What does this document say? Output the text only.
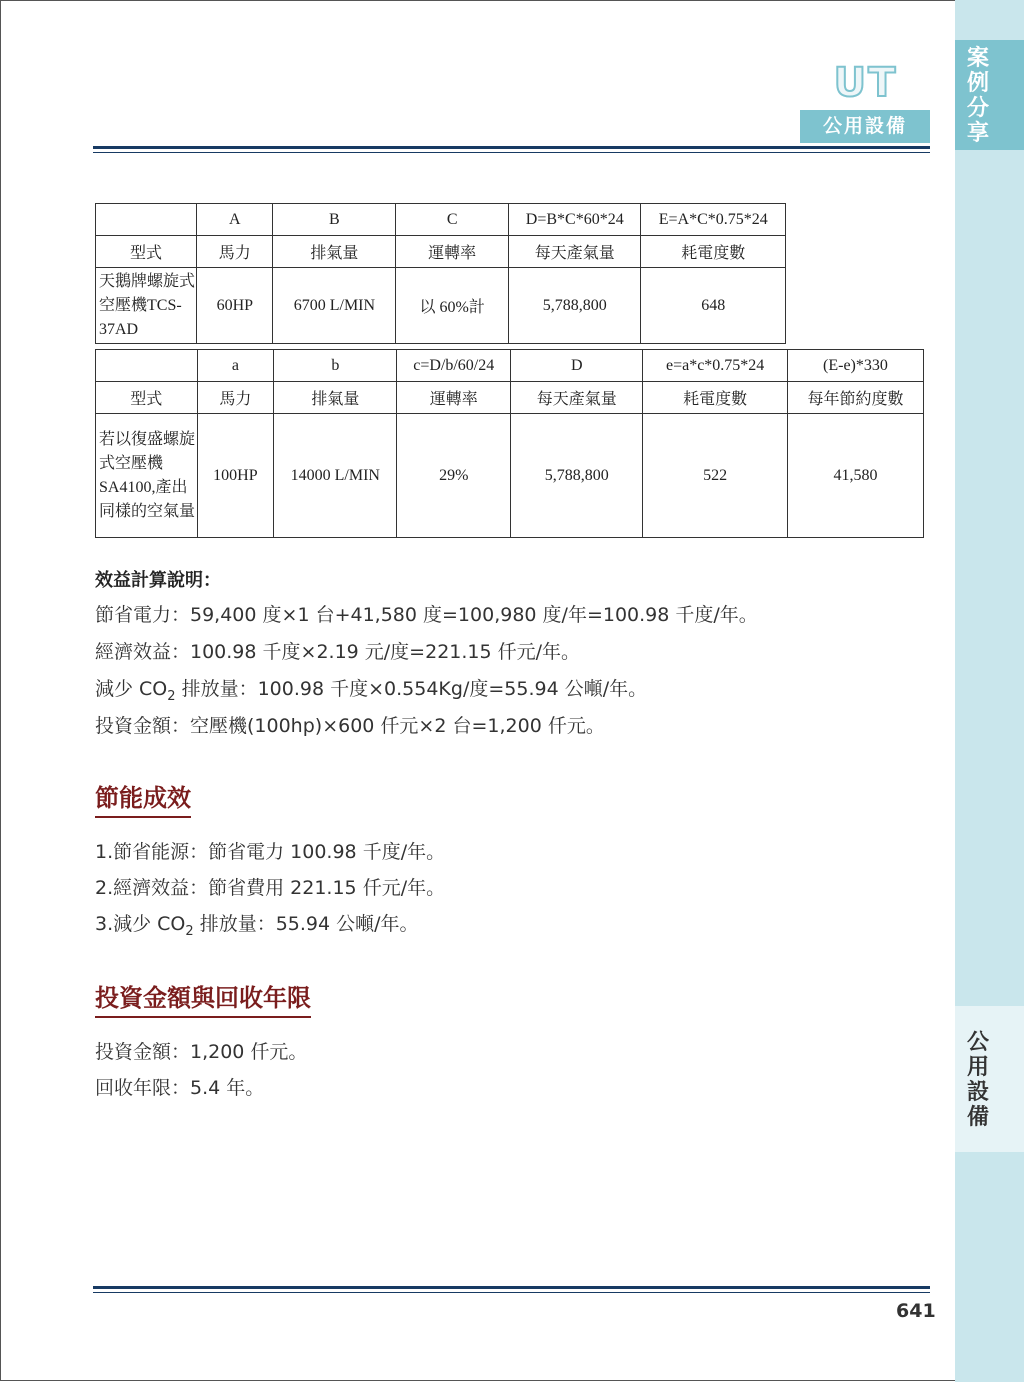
案例分享
公用設備
UT
公用設備
	A	B	C	D=B*C*60*24	E=A*C*0.75*24
型式	馬力	排氣量	運轉率	每天產氣量	耗電度數
天鵝牌螺旋式空壓機TCS-37AD	60HP	6700 L/MIN	以 60%計	5,788,800	648
	a	b	c=D/b/60/24	D	e=a*c*0.75*24	(E-e)*330
型式	馬力	排氣量	運轉率	每天產氣量	耗電度數	每年節約度數
若以復盛螺旋式空壓機SA4100,產出同樣的空氣量	100HP	14000 L/MIN	29%	5,788,800	522	41,580
效益計算說明：
節省電力：59,400 度×1 台+41,580 度=100,980 度/年=100.98 千度/年。
經濟效益：100.98 千度×2.19 元/度=221.15 仟元/年。
減少 $CO_2$ 排放量：100.98 千度×0.554Kg/度=55.94 公噸/年。
投資金額：空壓機(100hp)×600 仟元×2 台=1,200 仟元。
節能成效
1.節省能源：節省電力 100.98 千度/年。
2.經濟效益：節省費用 221.15 仟元/年。
3.減少 $CO_2$ 排放量：55.94 公噸/年。
投資金額與回收年限
投資金額：1,200 仟元。
回收年限：5.4 年。
641
